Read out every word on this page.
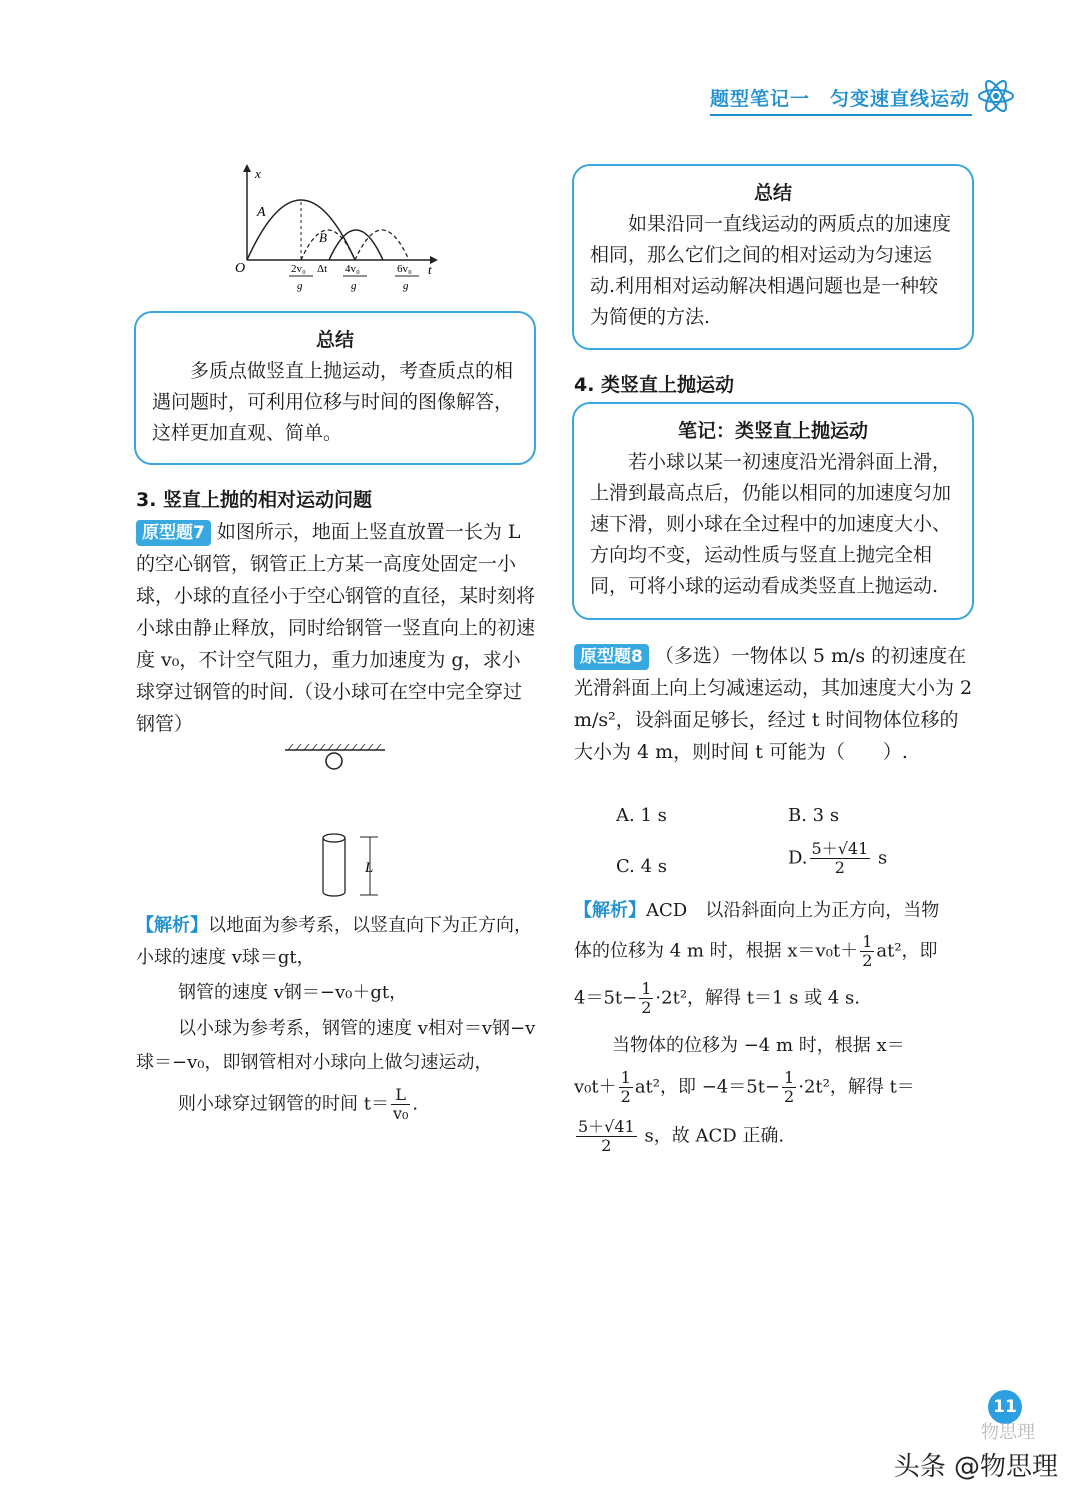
题型笔记一　匀变速直线运动
x
t
O
A
B
2v₀
g
Δt 4v₀
g
6v₀
g
总结
多质点做竖直上抛运动，考查质点的相遇问题时，可利用位移与时间的图像解答，这样更加直观、简单。
3. 竖直上抛的相对运动问题
原型题7 如图所示，地面上竖直放置一长为 L 的空心钢管，钢管正上方某一高度处固定一小球，小球的直径小于空心钢管的直径，某时刻将小球由静止释放，同时给钢管一竖直向上的初速度 v₀，不计空气阻力，重力加速度为 g，求小球穿过钢管的时间.（设小球可在空中完全穿过钢管）
L
【解析】以地面为参考系，以竖直向下为正方向，小球的速度 v球＝gt，
钢管的速度 v钢＝−v₀＋gt，
以小球为参考系，钢管的速度 v相对＝v钢−v球＝−v₀，即钢管相对小球向上做匀速运动，
则小球穿过钢管的时间 $t= \frac{L}{\text{v₀}}$ .
总结
如果沿同一直线运动的两质点的加速度相同，那么它们之间的相对运动为匀速运动.利用相对运动解决相遇问题也是一种较为简便的方法.
4. 类竖直上抛运动
笔记：类竖直上抛运动
若小球以某一初速度沿光滑斜面上滑，上滑到最高点后，仍能以相同的加速度匀加速下滑，则小球在全过程中的加速度大小、方向均不变，运动性质与竖直上抛完全相同，可将小球的运动看成类竖直上抛运动.
原型题8 （多选）一物体以 5 m/s 的初速度在光滑斜面上向上匀减速运动，其加速度大小为 2 m/s²，设斜面足够长，经过 t 时间物体位移的大小为 4 m，则时间 t 可能为（　　）.
A. 1 s	B. 3 s
C. 4 s	D. $\frac{5+√41}{2}$ s
【解析】ACD　以沿斜面向上为正方向，当物
体的位移为 4 m 时，根据 $x=v_0t+ \frac{1}{2} at^2$，即
$4=5t- \frac{1}{2} \cdot 2t^2$，解得 t＝1 s 或 4 s.
当物体的位移为 −4 m 时，根据 x＝
$v_0t+ \frac{1}{2} at^2$，即 $-4=5t- \frac{1}{2} \cdot 2t^2$，解得 t＝
$\frac{5+√41}{2}$ s，故 ACD 正确.
11
物思理
头条 @物思理
